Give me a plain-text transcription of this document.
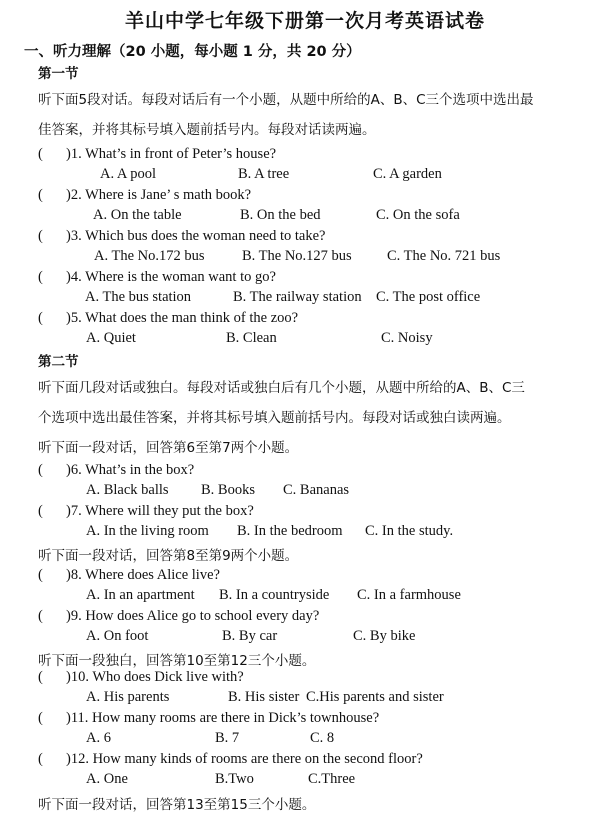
羊山中学七年级下册第一次月考英语试卷
一、听力理解（20 小题，每小题 1 分，共 20 分）
第一节
听下面5段对话。每段对话后有一个小题，从题中所给的A、B、C三个选项中选出最
佳答案，并将其标号填入题前括号内。每段对话读两遍。
( )1. What’s in front of Peter’s house?
A. A pool	B. A tree	C. A garden
( )2. Where is Jane’ s math book?
A. On the table	B. On the bed	C. On the sofa
( )3. Which bus does the woman need to take?
A. The No.172 bus	B. The No.127 bus C. The No. 721 bus
( )4. Where is the woman want to go?
A. The bus station	B. The railway station C. The post office
( )5. What does the man think of the zoo?
A. Quiet	B. Clean	C. Noisy
第二节
听下面几段对话或独白。每段对话或独白后有几个小题，从题中所给的A、B、C三
个选项中选出最佳答案，并将其标号填入题前括号内。每段对话或独白读两遍。
听下面一段对话，回答第6至第7两个小题。
( )6. What’s in the box?
A. Black balls B. Books C. Bananas
( )7. Where will they put the box?
A. In the living room B. In the bedroom C. In the study.
听下面一段对话，回答第8至第9两个小题。
( )8. Where does Alice live?
A. In an apartment B. In a countryside C. In a farmhouse
( )9. How does Alice go to school every day?
A. On foot	B. By car	C. By bike
听下面一段独白，回答第10至第12三个小题。
( )10. Who does Dick live with?
A. His parents	B. His sister C.His parents and sister
( )11. How many rooms are there in Dick’s townhouse?
A. 6	B. 7	C. 8
( )12. How many kinds of rooms are there on the second floor?
A. One	B.Two	C.Three
听下面一段对话，回答第13至第15三个小题。
